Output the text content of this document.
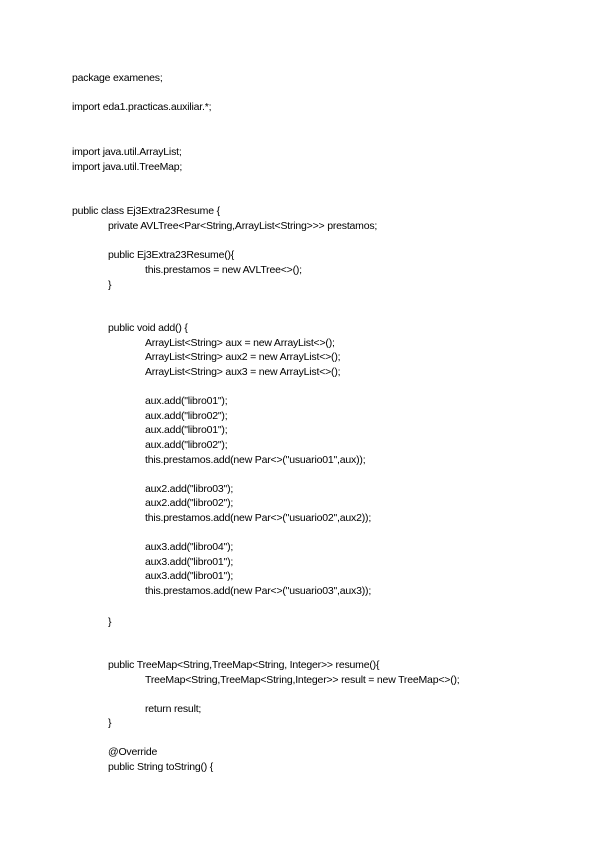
package examenes;
import eda1.practicas.auxiliar.*;
import java.util.ArrayList;
import java.util.TreeMap;
public class Ej3Extra23Resume {
private AVLTree<Par<String,ArrayList<String>>> prestamos;
public Ej3Extra23Resume(){
this.prestamos = new AVLTree<>();
}
public void add() {
ArrayList<String> aux = new ArrayList<>();
ArrayList<String> aux2 = new ArrayList<>();
ArrayList<String> aux3 = new ArrayList<>();
aux.add("libro01");
aux.add("libro02");
aux.add("libro01");
aux.add("libro02");
this.prestamos.add(new Par<>("usuario01",aux));
aux2.add("libro03");
aux2.add("libro02");
this.prestamos.add(new Par<>("usuario02",aux2));
aux3.add("libro04");
aux3.add("libro01");
aux3.add("libro01");
this.prestamos.add(new Par<>("usuario03",aux3));
}
public TreeMap<String,TreeMap<String, Integer>> resume(){
TreeMap<String,TreeMap<String,Integer>> result = new TreeMap<>();
return result;
}
@Override
public String toString() {
